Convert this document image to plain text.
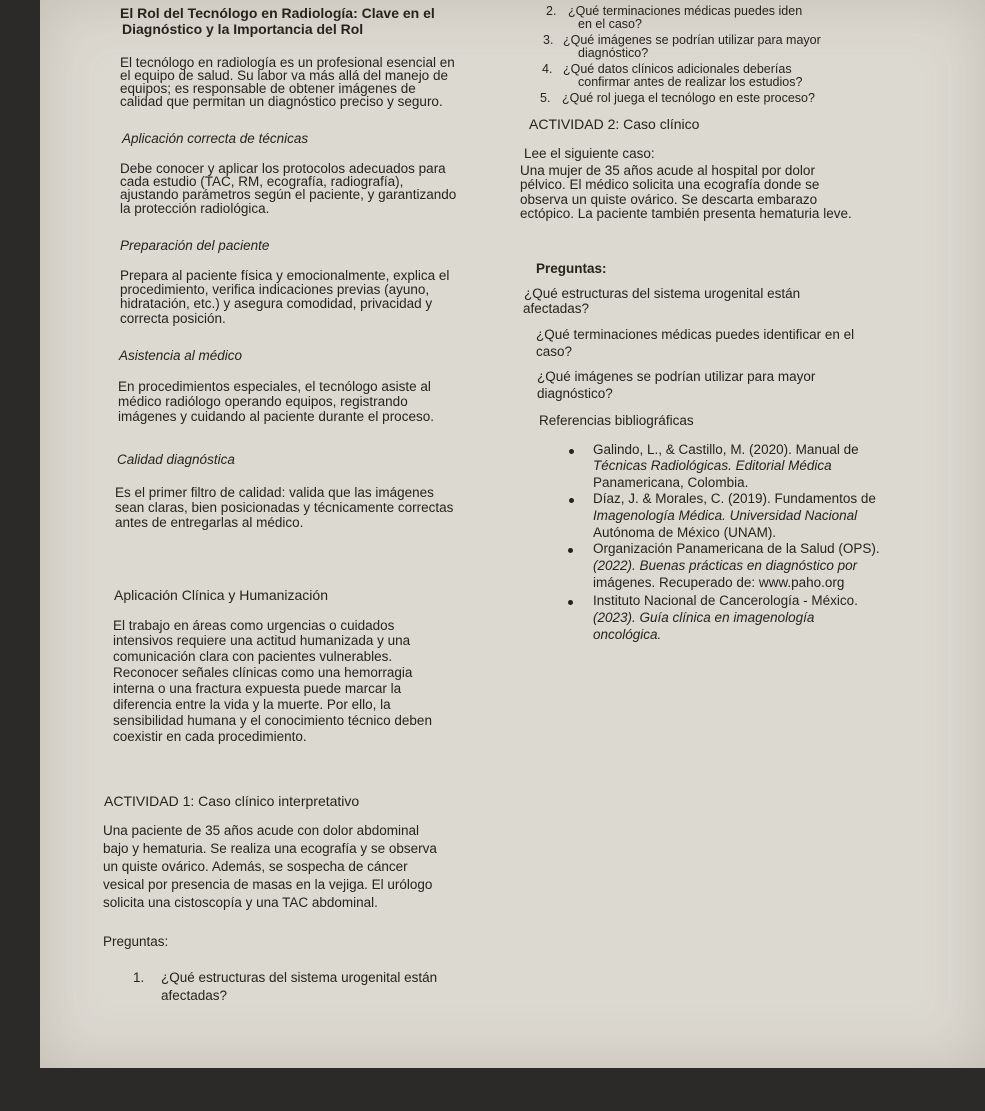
El Rol del Tecnólogo en Radiología: Clave en el
Diagnóstico y la Importancia del Rol
El tecnólogo en radiología es un profesional esencial en
el equipo de salud. Su labor va más allá del manejo de
equipos; es responsable de obtener imágenes de
calidad que permitan un diagnóstico preciso y seguro.
Aplicación correcta de técnicas
Debe conocer y aplicar los protocolos adecuados para
cada estudio (TAC, RM, ecografía, radiografía),
ajustando parámetros según el paciente, y garantizando
la protección radiológica.
Preparación del paciente
Prepara al paciente física y emocionalmente, explica el
procedimiento, verifica indicaciones previas (ayuno,
hidratación, etc.) y asegura comodidad, privacidad y
correcta posición.
Asistencia al médico
En procedimientos especiales, el tecnólogo asiste al
médico radiólogo operando equipos, registrando
imágenes y cuidando al paciente durante el proceso.
Calidad diagnóstica
Es el primer filtro de calidad: valida que las imágenes
sean claras, bien posicionadas y técnicamente correctas
antes de entregarlas al médico.
Aplicación Clínica y Humanización
El trabajo en áreas como urgencias o cuidados
intensivos requiere una actitud humanizada y una
comunicación clara con pacientes vulnerables.
Reconocer señales clínicas como una hemorragia
interna o una fractura expuesta puede marcar la
diferencia entre la vida y la muerte. Por ello, la
sensibilidad humana y el conocimiento técnico deben
coexistir en cada procedimiento.
ACTIVIDAD 1: Caso clínico interpretativo
Una paciente de 35 años acude con dolor abdominal
bajo y hematuria. Se realiza una ecografía y se observa
un quiste ovárico. Además, se sospecha de cáncer
vesical por presencia de masas en la vejiga. El urólogo
solicita una cistoscopía y una TAC abdominal.
Preguntas:
1. ¿Qué estructuras del sistema urogenital están
afectadas?
2. ¿Qué terminaciones médicas puedes iden
en el caso?
3. ¿Qué imágenes se podrían utilizar para mayor
diagnóstico?
4. ¿Qué datos clínicos adicionales deberías
confirmar antes de realizar los estudios?
5. ¿Qué rol juega el tecnólogo en este proceso?
ACTIVIDAD 2: Caso clínico
Lee el siguiente caso:
Una mujer de 35 años acude al hospital por dolor
pélvico. El médico solicita una ecografía donde se
observa un quiste ovárico. Se descarta embarazo
ectópico. La paciente también presenta hematuria leve.
Preguntas:
¿Qué estructuras del sistema urogenital están
afectadas?
¿Qué terminaciones médicas puedes identificar en el
caso?
¿Qué imágenes se podrían utilizar para mayor
diagnóstico?
Referencias bibliográficas
Galindo, L., & Castillo, M. (2020). Manual de
Técnicas Radiológicas. Editorial Médica
Panamericana, Colombia.
Díaz, J. & Morales, C. (2019). Fundamentos de
Imagenología Médica. Universidad Nacional
Autónoma de México (UNAM).
Organización Panamericana de la Salud (OPS).
(2022). Buenas prácticas en diagnóstico por
imágenes. Recuperado de: www.paho.org
Instituto Nacional de Cancerología - México.
(2023). Guía clínica en imagenología
oncológica.
